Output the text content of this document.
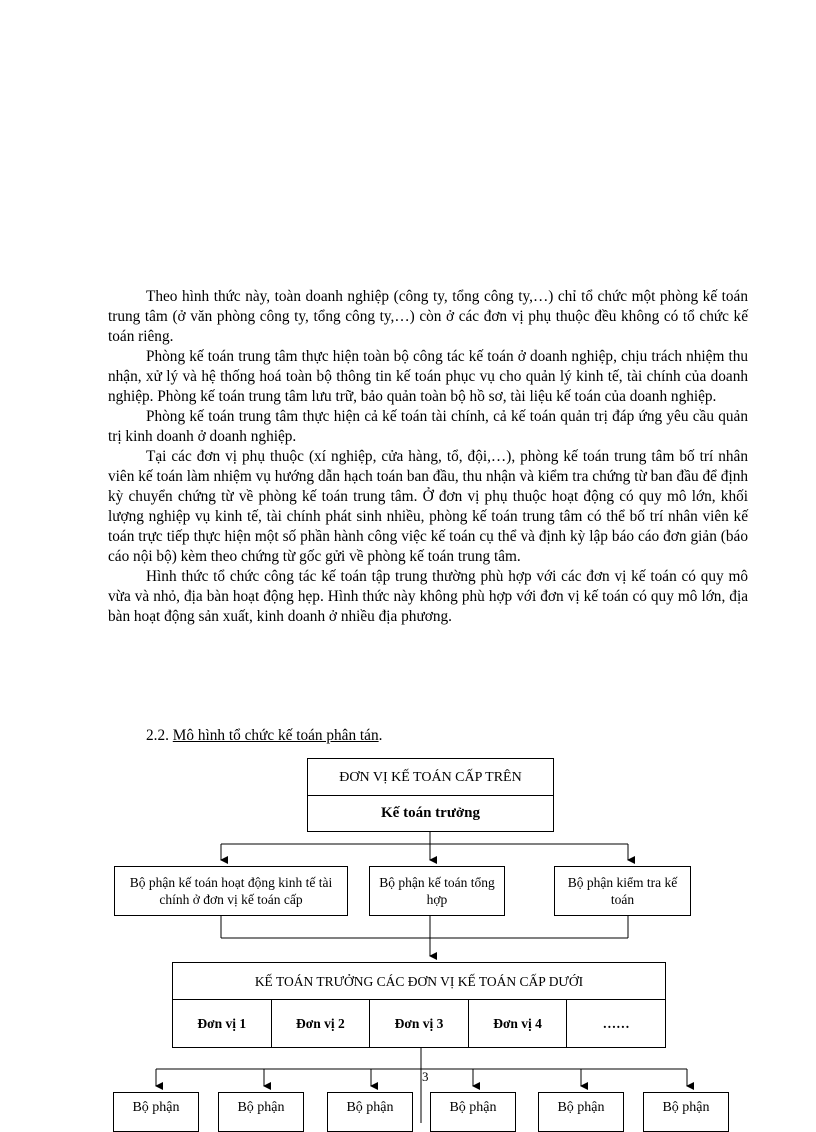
Theo hình thức này, toàn doanh nghiệp (công ty, tổng công ty,…) chỉ tổ chức một phòng kế toán trung tâm (ở văn phòng công ty, tổng công ty,…) còn ở các đơn vị phụ thuộc đều không có tổ chức kế toán riêng.

Phòng kế toán trung tâm thực hiện toàn bộ công tác kế toán ở doanh nghiệp, chịu trách nhiệm thu nhận, xử lý và hệ thống hoá toàn bộ thông tin kế toán phục vụ cho quản lý kinh tế, tài chính của doanh nghiệp. Phòng kế toán trung tâm lưu trữ, bảo quản toàn bộ hồ sơ, tài liệu kế toán của doanh nghiệp.

Phòng kế toán trung tâm thực hiện cả kế toán tài chính, cả kế toán quản trị đáp ứng yêu cầu quản trị kinh doanh ở doanh nghiệp.

Tại các đơn vị phụ thuộc (xí nghiệp, cửa hàng, tổ, đội,…), phòng kế toán trung tâm bố trí nhân viên kế toán làm nhiệm vụ hướng dẫn hạch toán ban đầu, thu nhận và kiểm tra chứng từ ban đầu để định kỳ chuyển chứng từ về phòng kế toán trung tâm. Ở đơn vị phụ thuộc hoạt động có quy mô lớn, khối lượng nghiệp vụ kinh tế, tài chính phát sinh nhiều, phòng kế toán trung tâm có thể bố trí nhân viên kế toán trực tiếp thực hiện một số phần hành công việc kế toán cụ thể và định kỳ lập báo cáo đơn giản (báo cáo nội bộ) kèm theo chứng từ gốc gửi về phòng kế toán trung tâm.

Hình thức tổ chức công tác kế toán tập trung thường phù hợp với các đơn vị kế toán có quy mô vừa và nhỏ, địa bàn hoạt động hẹp. Hình thức này không phù hợp với đơn vị kế toán có quy mô lớn, địa bàn hoạt động sản xuất, kinh doanh ở nhiều địa phương.

2.2. Mô hình tổ chức kế toán phân tán.
ĐƠN VỊ KẾ TOÁN CẤP TRÊN
Kế toán trưởng
Bộ phận kế toán hoạt động kinh tế tài chính ở đơn vị kế toán cấp
Bộ phận kế toán tổng hợp
Bộ phận kiểm tra kế toán
KẾ TOÁN TRƯỞNG CÁC ĐƠN VỊ KẾ TOÁN CẤP DƯỚI
Đơn vị 1	Đơn vị 2	Đơn vị 3	Đơn vị 4	……
3
Bộ phận	Bộ phận	Bộ phận	Bộ phận	Bộ phận	Bộ phận
